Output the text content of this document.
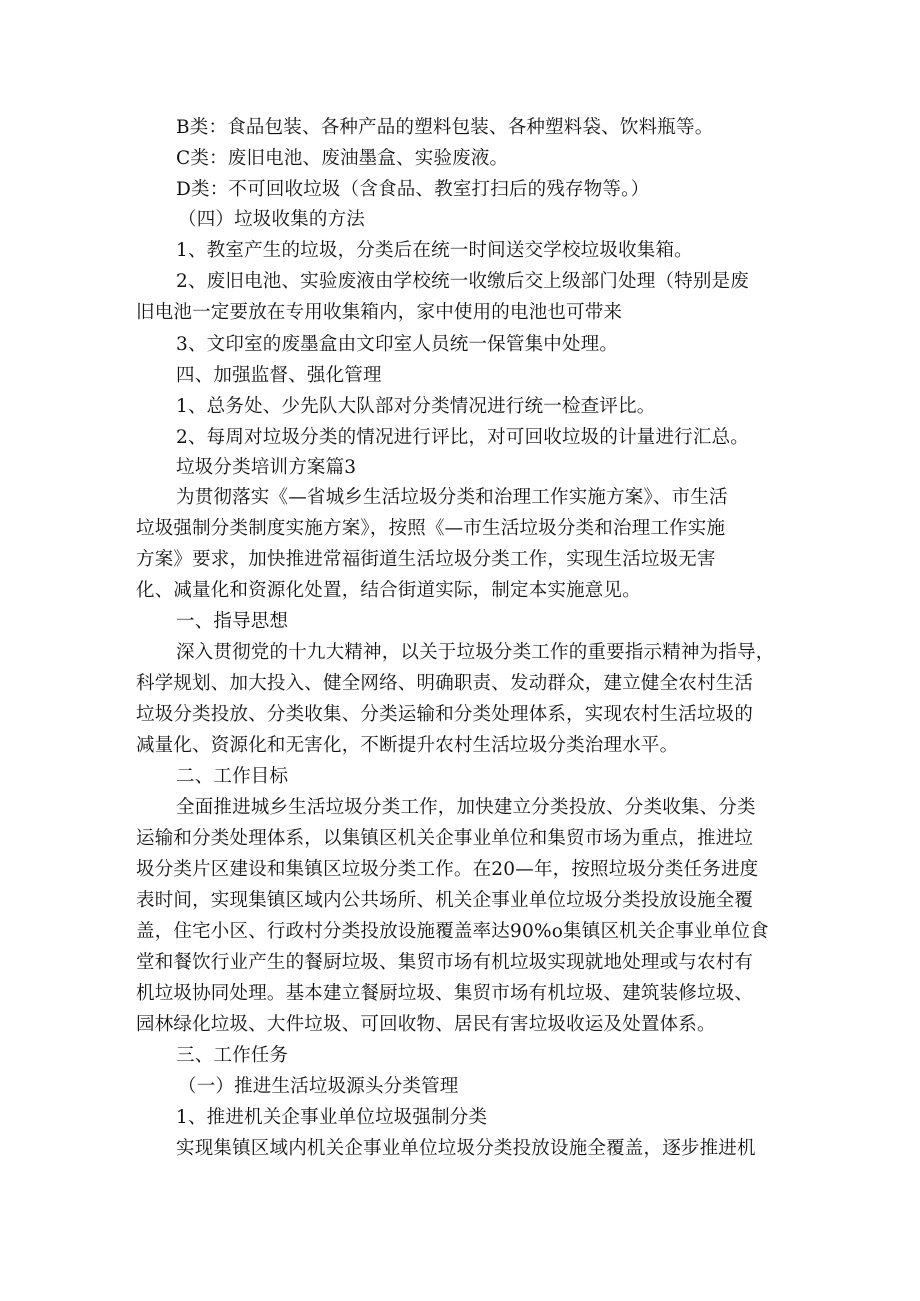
B类：食品包装、各种产品的塑料包装、各种塑料袋、饮料瓶等。
C类：废旧电池、废油墨盒、实验废液。
D类：不可回收垃圾（含食品、教室打扫后的残存物等。）
（四）垃圾收集的方法
1、教室产生的垃圾，分类后在统一时间送交学校垃圾收集箱。
2、废旧电池、实验废液由学校统一收缴后交上级部门处理（特别是废
旧电池一定要放在专用收集箱内，家中使用的电池也可带来
3、文印室的废墨盒由文印室人员统一保管集中处理。
四、加强监督、强化管理
1、总务处、少先队大队部对分类情况进行统一检查评比。
2、每周对垃圾分类的情况进行评比，对可回收垃圾的计量进行汇总。
垃圾分类培训方案篇3
为贯彻落实《—省城乡生活垃圾分类和治理工作实施方案》、市生活
垃圾强制分类制度实施方案》，按照《—市生活垃圾分类和治理工作实施
方案》要求，加快推进常福街道生活垃圾分类工作，实现生活垃圾无害
化、减量化和资源化处置，结合街道实际，制定本实施意见。
一、指导思想
深入贯彻党的十九大精神，以关于垃圾分类工作的重要指示精神为指导，
科学规划、加大投入、健全网络、明确职责、发动群众，建立健全农村生活
垃圾分类投放、分类收集、分类运输和分类处理体系，实现农村生活垃圾的
减量化、资源化和无害化，不断提升农村生活垃圾分类治理水平。
二、工作目标
全面推进城乡生活垃圾分类工作，加快建立分类投放、分类收集、分类
运输和分类处理体系，以集镇区机关企事业单位和集贸市场为重点，推进垃
圾分类片区建设和集镇区垃圾分类工作。在20—年，按照垃圾分类任务进度
表时间，实现集镇区域内公共场所、机关企事业单位垃圾分类投放设施全覆
盖，住宅小区、行政村分类投放设施覆盖率达90%o集镇区机关企事业单位食
堂和餐饮行业产生的餐厨垃圾、集贸市场有机垃圾实现就地处理或与农村有
机垃圾协同处理。基本建立餐厨垃圾、集贸市场有机垃圾、建筑装修垃圾、
园林绿化垃圾、大件垃圾、可回收物、居民有害垃圾收运及处置体系。
三、工作任务
（一）推进生活垃圾源头分类管理
1、推进机关企事业单位垃圾强制分类
实现集镇区域内机关企事业单位垃圾分类投放设施全覆盖，逐步推进机
